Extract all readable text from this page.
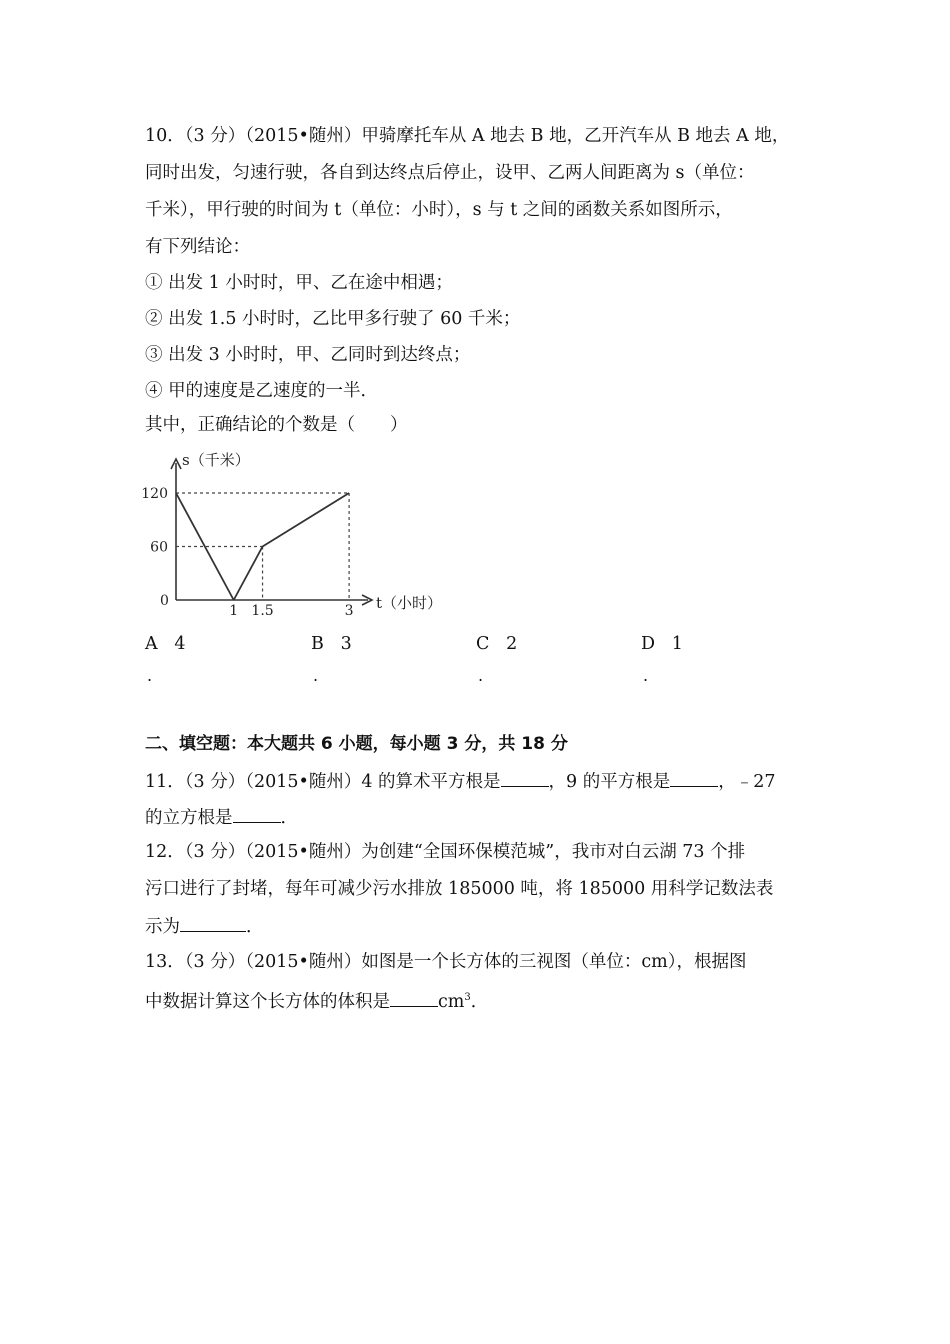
10．（3 分）（2015•随州）甲骑摩托车从 A 地去 B 地，乙开汽车从 B 地去 A 地，
同时出发，匀速行驶，各自到达终点后停止，设甲、乙两人间距离为 s（单位：
千米），甲行驶的时间为 t（单位：小时），s 与 t 之间的函数关系如图所示，
有下列结论：
① 出发 1 小时时，甲、乙在途中相遇；
② 出发 1.5 小时时，乙比甲多行驶了 60 千米；
③ 出发 3 小时时，甲、乙同时到达终点；
④ 甲的速度是乙速度的一半．
其中，正确结论的个数是（　　）
s（千米）
t（小时）
0
1 1.5	3
120
60
A 4
.
B 3
.
C 2
.
D 1
.
二、填空题：本大题共 6 小题，每小题 3 分，共 18 分
11．（3 分）（2015•随州）4 的算术平方根是	，9 的平方根是	，﹣27
的立方根是	．
12．（3 分）（2015•随州）为创建“全国环保模范城”，我市对白云湖 73 个排
污口进行了封堵，每年可减少污水排放 185000 吨，将 185000 用科学记数法表
示为	．
13．（3 分）（2015•随州）如图是一个长方体的三视图（单位：cm），根据图
中数据计算这个长方体的体积是	$cm^3$．
